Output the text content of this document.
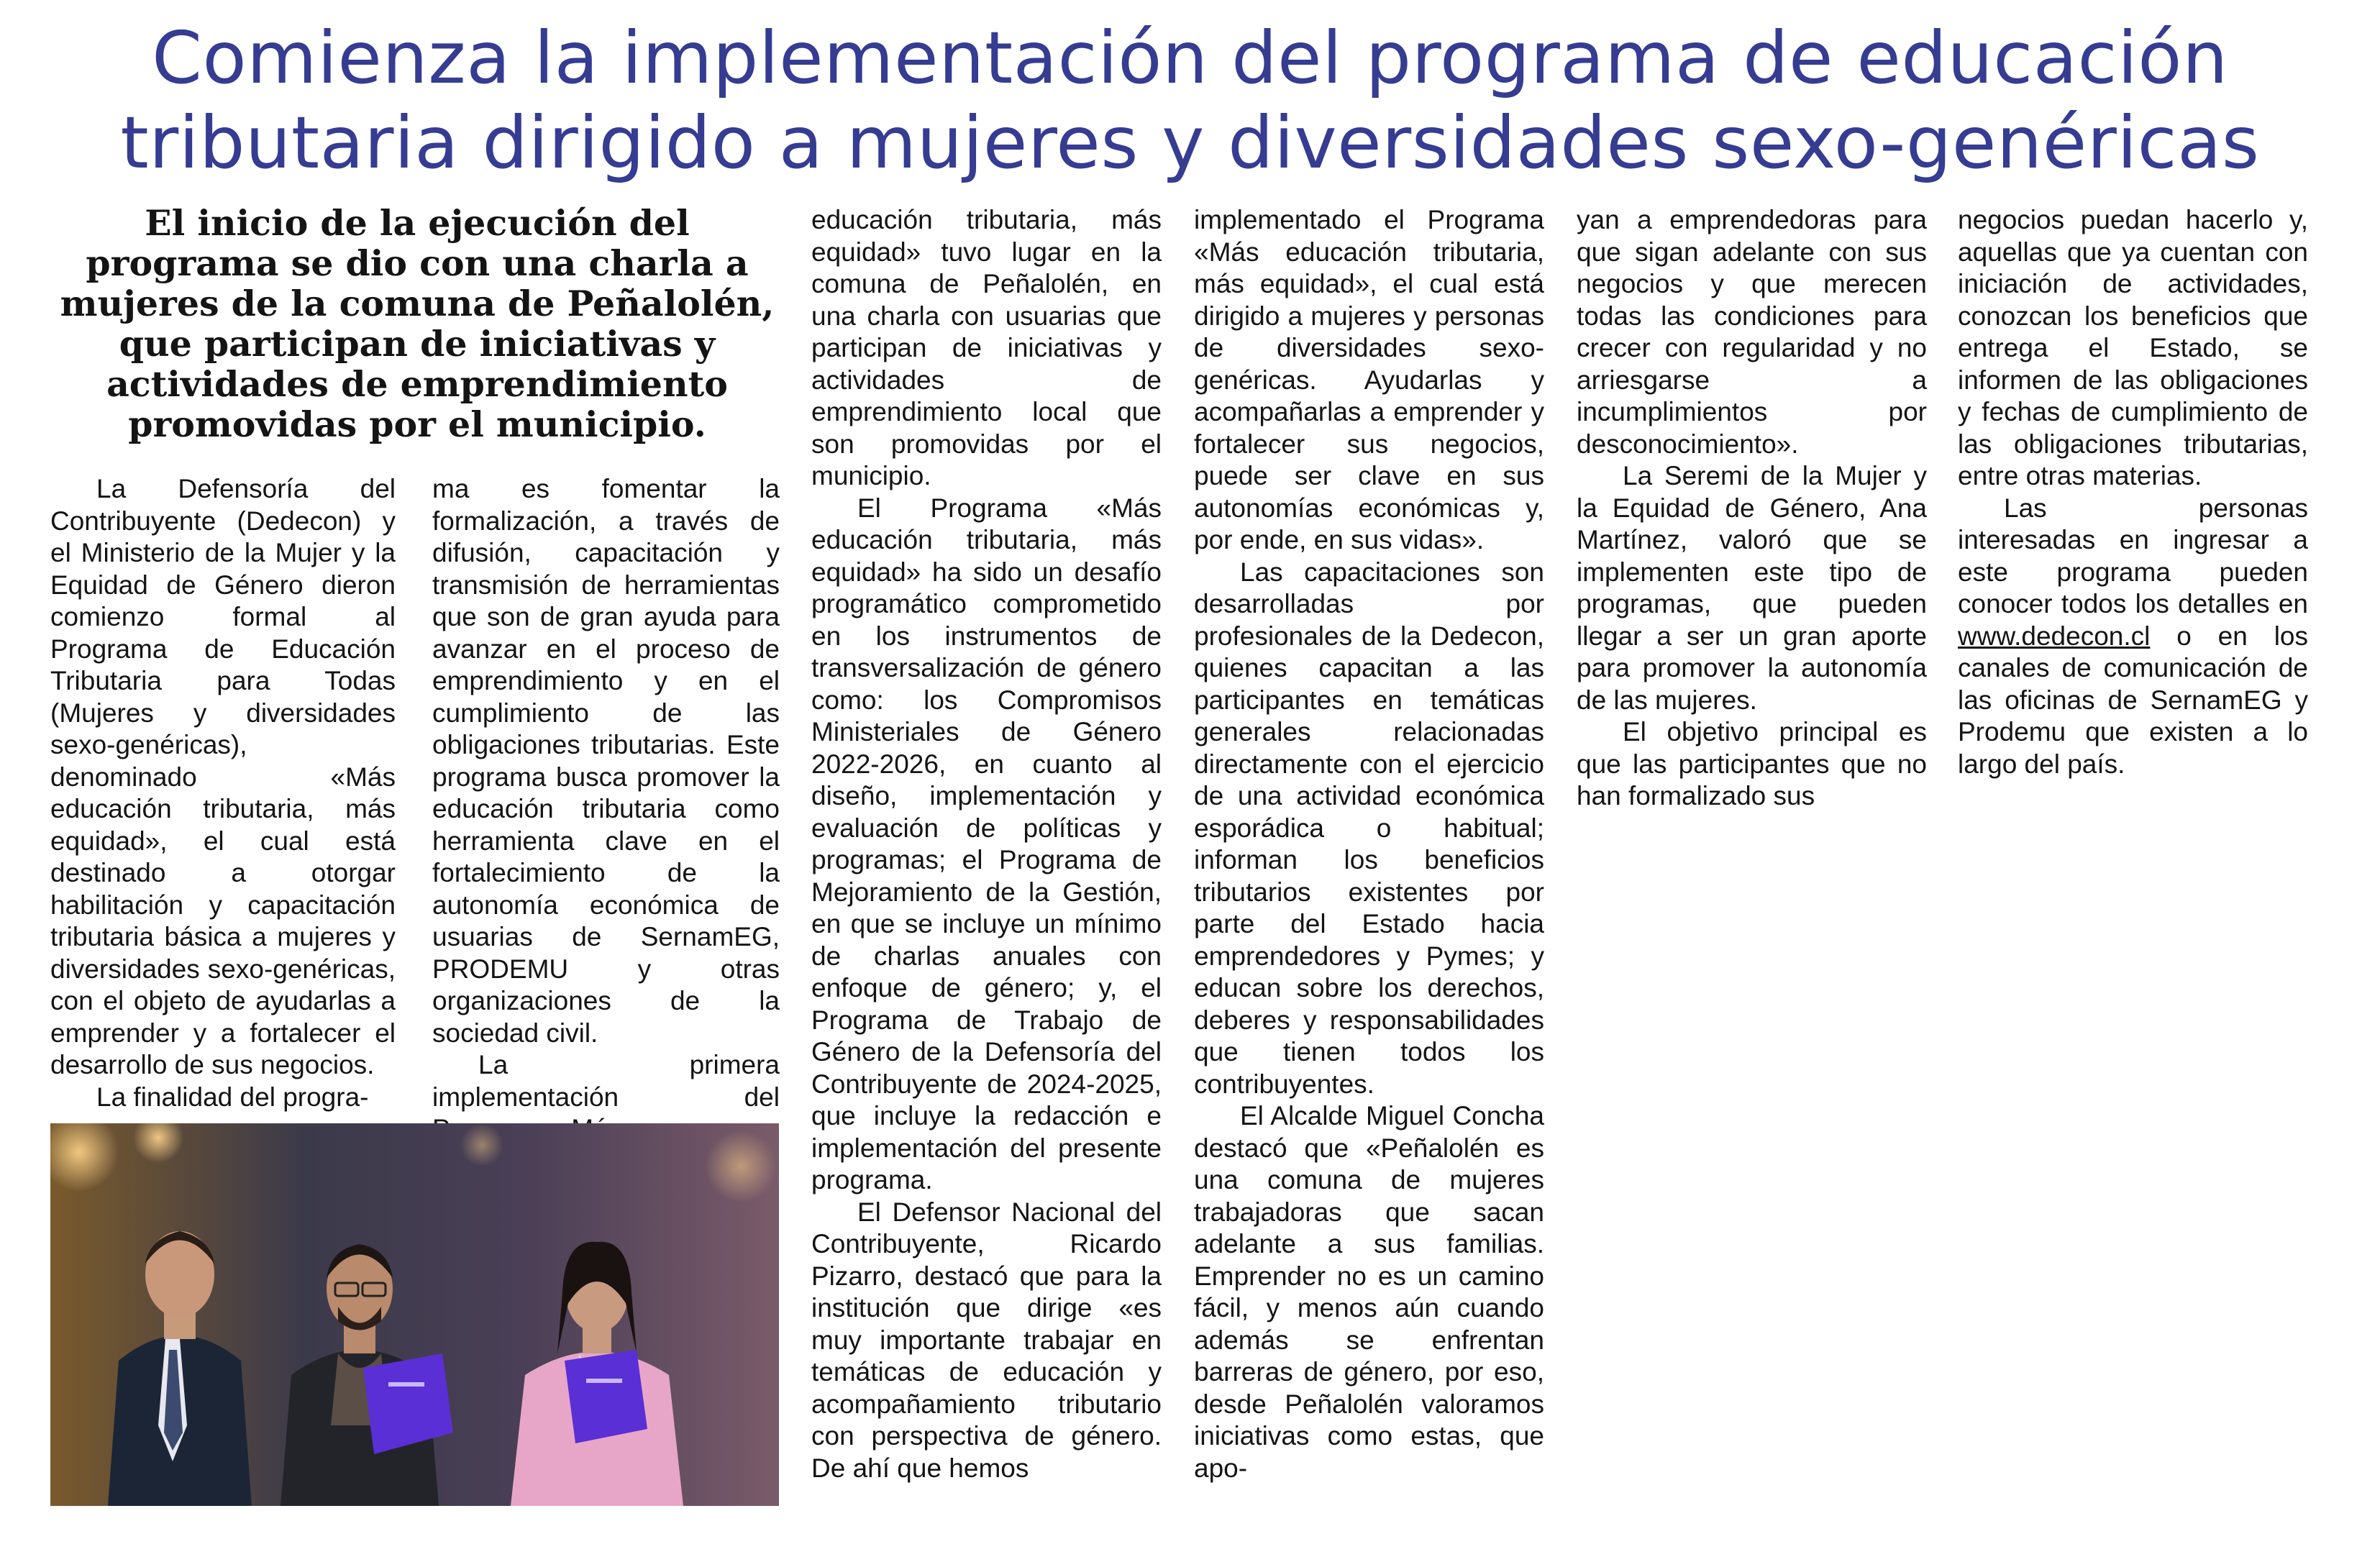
Comienza la implementación del programa de educación tributaria dirigido a mujeres y diversidades sexo-genéricas
El inicio de la ejecución del programa se dio con una charla a mujeres de la comuna de Peñalolén, que participan de iniciativas y actividades de emprendimiento promovidas por el municipio.

La Defensoría del Contribuyente (Dedecon) y el Ministerio de la Mujer y la Equidad de Género dieron comienzo formal al Programa de Educación Tributaria para Todas (Mujeres y diversidades sexo-genéricas), denominado «Más educación tributaria, más equidad», el cual está destinado a otorgar habilitación y capacitación tributaria básica a mujeres y diversidades sexo-genéricas, con el objeto de ayudarlas a emprender y a fortalecer el desarrollo de sus negocios.

La finalidad del progra-

ma es fomentar la formalización, a través de difusión, capacitación y transmisión de herramientas que son de gran ayuda para avanzar en el proceso de emprendimiento y en el cumplimiento de las obligaciones tributarias. Este programa busca promover la educación tributaria como herramienta clave en el fortalecimiento de la autonomía económica de usuarias de SernamEG, PRODEMU y otras organizaciones de la sociedad civil.

La primera implementación del

educación tributaria, más equidad» tuvo lugar en la comuna de Peñalolén, en una charla con usuarias que participan de iniciativas y actividades de emprendimiento local que son promovidas por el municipio.

El Programa «Más educación tributaria, más equidad» ha sido un desafío programático comprometido en los instrumentos de transversalización de género como: los Compromisos Ministeriales de Género 2022-2026, en cuanto al diseño, implementación y evaluación de políticas y programas; el Programa de Mejoramiento de la Gestión, en que se incluye un mínimo de charlas anuales con enfoque de género; y, el Programa de Trabajo de Género de la Defensoría del Contribuyente de 2024-2025, que incluye la redacción e implementación del presente programa.

El Defensor Nacional del Contribuyente, Ricardo Pizarro, destacó que para la institución que dirige «es muy importante trabajar en temáticas de educación y acompañamiento tributario con perspectiva de género. De ahí que hemos

implementado el Programa «Más educación tributaria, más equidad», el cual está dirigido a mujeres y personas de diversidades sexo-genéricas. Ayudarlas y acompañarlas a emprender y fortalecer sus negocios, puede ser clave en sus autonomías económicas y, por ende, en sus vidas».

Las capacitaciones son desarrolladas por profesionales de la Dedecon, quienes capacitan a las participantes en temáticas generales relacionadas directamente con el ejercicio de una actividad económica esporádica o habitual; informan los beneficios tributarios existentes por parte del Estado hacia emprendedores y Pymes; y educan sobre los derechos, deberes y responsabilidades que tienen todos los contribuyentes.

El Alcalde Miguel Concha destacó que «Peñalolén es una comuna de mujeres trabajadoras que sacan adelante a sus familias. Emprender no es un camino fácil, y menos aún cuando además se enfrentan barreras de género, por eso, desde Peñalolén valoramos iniciativas como estas, que apo-

yan a emprendedoras para que sigan adelante con sus negocios y que merecen todas las condiciones para crecer con regularidad y no arriesgarse a incumplimientos por desconocimiento».

La Seremi de la Mujer y la Equidad de Género, Ana Martínez, valoró que se implementen este tipo de programas, que pueden llegar a ser un gran aporte para promover la autonomía de las mujeres.

El objetivo principal es que las participantes que no han formalizado sus

negocios puedan hacerlo y, aquellas que ya cuentan con iniciación de actividades, conozcan los beneficios que entrega el Estado, se informen de las obligaciones y fechas de cumplimiento de las obligaciones tributarias, entre otras materias.

Las personas interesadas en ingresar a este programa pueden conocer todos los detalles en www.dedecon.cl o en los canales de comunicación de las oficinas de SernamEG y Prodemu que existen a lo largo del país.
